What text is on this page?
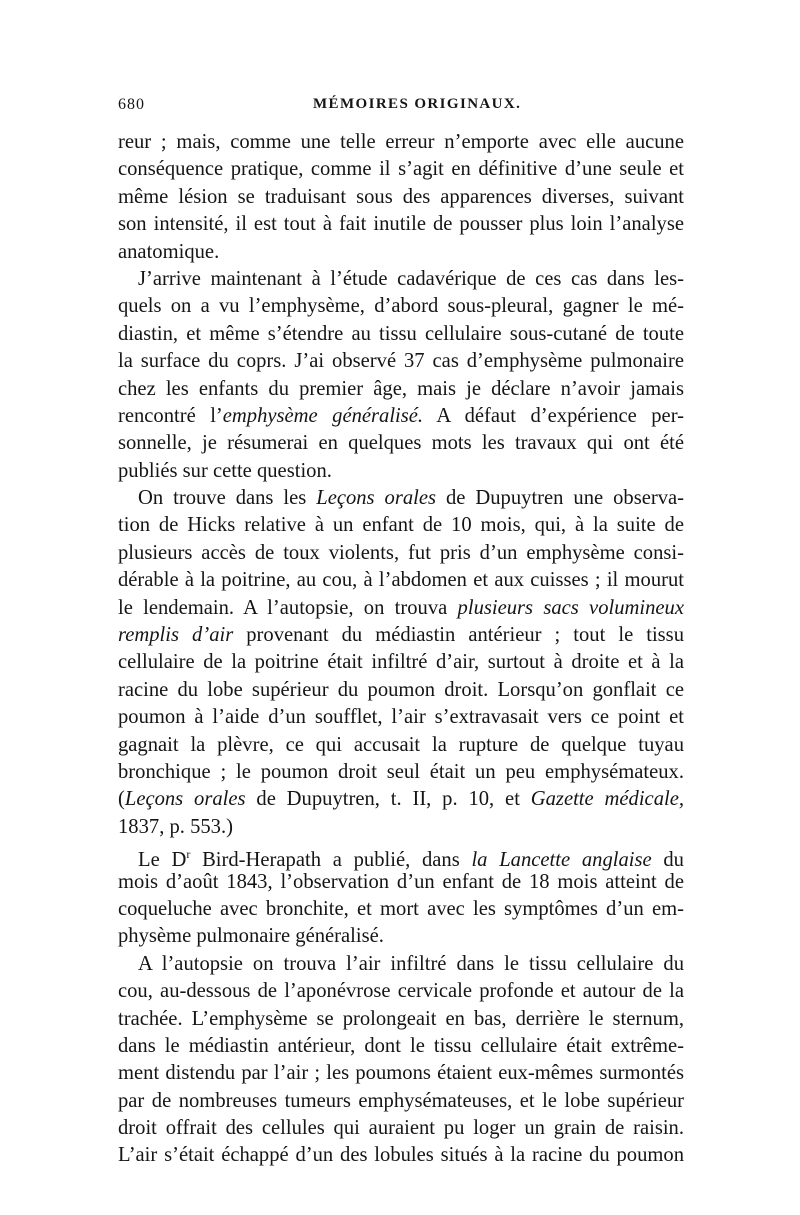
680	MÉMOIRES ORIGINAUX.
reur ; mais, comme une telle erreur n’emporte avec elle aucune
conséquence pratique, comme il s’agit en définitive d’une seule et
même lésion se traduisant sous des apparences diverses, suivant
son intensité, il est tout à fait inutile de pousser plus loin l’analyse
anatomique.
J’arrive maintenant à l’étude cadavérique de ces cas dans les-
quels on a vu l’emphysème, d’abord sous-pleural, gagner le mé-
diastin, et même s’étendre au tissu cellulaire sous-cutané de toute
la surface du coprs. J’ai observé 37 cas d’emphysème pulmonaire
chez les enfants du premier âge, mais je déclare n’avoir jamais
rencontré l’emphysème généralisé. A défaut d’expérience per-
sonnelle, je résumerai en quelques mots les travaux qui ont été
publiés sur cette question.
On trouve dans les Leçons orales de Dupuytren une observa-
tion de Hicks relative à un enfant de 10 mois, qui, à la suite de
plusieurs accès de toux violents, fut pris d’un emphysème consi-
dérable à la poitrine, au cou, à l’abdomen et aux cuisses ; il mourut
le lendemain. A l’autopsie, on trouva plusieurs sacs volumineux
remplis d’air provenant du médiastin antérieur ; tout le tissu
cellulaire de la poitrine était infiltré d’air, surtout à droite et à la
racine du lobe supérieur du poumon droit. Lorsqu’on gonflait ce
poumon à l’aide d’un soufflet, l’air s’extravasait vers ce point et
gagnait la plèvre, ce qui accusait la rupture de quelque tuyau
bronchique ; le poumon droit seul était un peu emphysémateux.
(Leçons orales de Dupuytren, t. II, p. 10, et Gazette médicale,
1837, p. 553.)
Le $D^r$ Bird-Herapath a publié, dans la Lancette anglaise du
mois d’août 1843, l’observation d’un enfant de 18 mois atteint de
coqueluche avec bronchite, et mort avec les symptômes d’un em-
physème pulmonaire généralisé.
A l’autopsie on trouva l’air infiltré dans le tissu cellulaire du
cou, au-dessous de l’aponévrose cervicale profonde et autour de la
trachée. L’emphysème se prolongeait en bas, derrière le sternum,
dans le médiastin antérieur, dont le tissu cellulaire était extrême-
ment distendu par l’air ; les poumons étaient eux-mêmes surmontés
par de nombreuses tumeurs emphysémateuses, et le lobe supérieur
droit offrait des cellules qui auraient pu loger un grain de raisin.
L’air s’était échappé d’un des lobules situés à la racine du poumon
